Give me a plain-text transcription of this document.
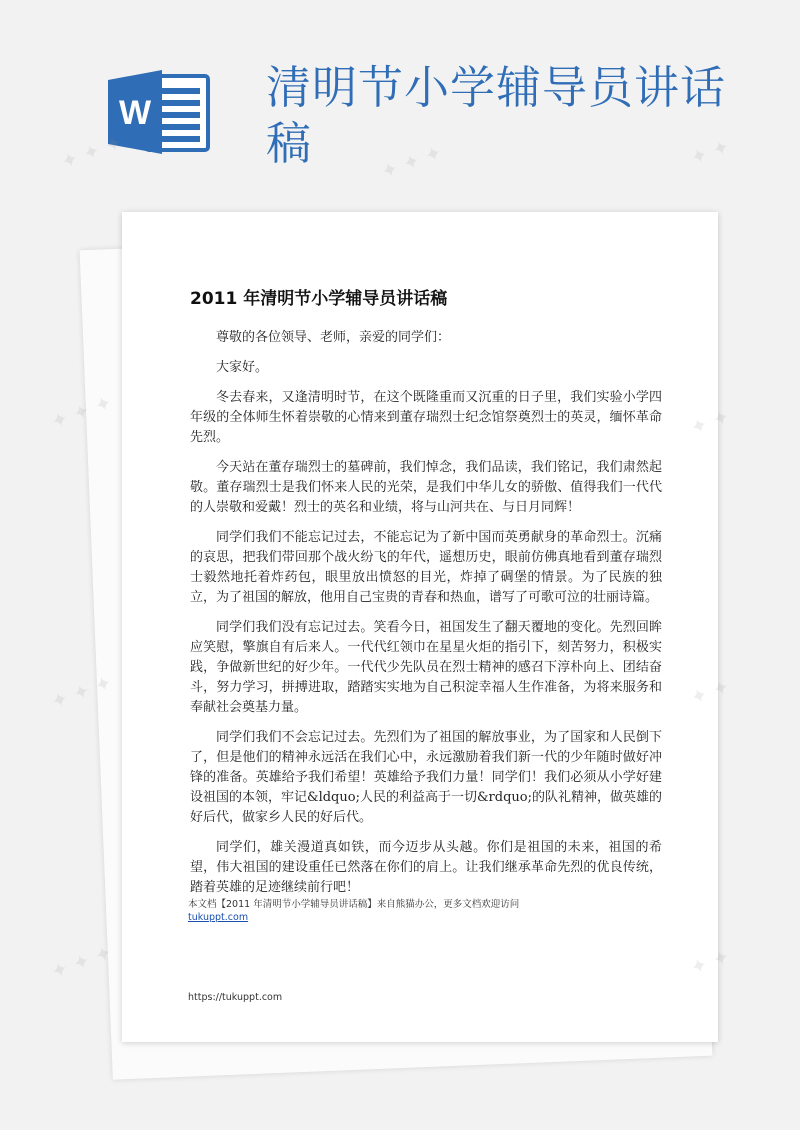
W	清明节小学辅导员讲话稿
2011 年清明节小学辅导员讲话稿

尊敬的各位领导、老师，亲爱的同学们：

大家好。

冬去春来，又逢清明时节，在这个既隆重而又沉重的日子里，我们实验小学四年级的全体师生怀着崇敬的心情来到董存瑞烈士纪念馆祭奠烈士的英灵，缅怀革命先烈。

今天站在董存瑞烈士的墓碑前，我们悼念，我们品读，我们铭记，我们肃然起敬。董存瑞烈士是我们怀来人民的光荣，是我们中华儿女的骄傲、值得我们一代代的人崇敬和爱戴！烈士的英名和业绩，将与山河共在、与日月同辉！

同学们我们不能忘记过去，不能忘记为了新中国而英勇献身的革命烈士。沉痛的哀思，把我们带回那个战火纷飞的年代，遥想历史，眼前仿佛真地看到董存瑞烈士毅然地托着炸药包，眼里放出愤怒的目光，炸掉了碉堡的情景。为了民族的独立，为了祖国的解放，他用自己宝贵的青春和热血，谱写了可歌可泣的壮丽诗篇。

同学们我们没有忘记过去。笑看今日，祖国发生了翻天覆地的变化。先烈回眸应笑慰，擎旗自有后来人。一代代红领巾在星星火炬的指引下，刻苦努力，积极实践，争做新世纪的好少年。一代代少先队员在烈士精神的感召下淳朴向上、团结奋斗，努力学习，拼搏进取，踏踏实实地为自己积淀幸福人生作准备，为将来服务和奉献社会奠基力量。

同学们我们不会忘记过去。先烈们为了祖国的解放事业，为了国家和人民倒下了，但是他们的精神永远活在我们心中，永远激励着我们新一代的少年随时做好冲锋的准备。英雄给予我们希望！英雄给予我们力量！同学们！我们必须从小学好建设祖国的本领，牢记&ldquo;人民的利益高于一切&rdquo;的队礼精神，做英雄的好后代，做家乡人民的好后代。

同学们，雄关漫道真如铁，而今迈步从头越。你们是祖国的未来，祖国的希望，伟大祖国的建设重任已然落在你们的肩上。让我们继承革命先烈的优良传统，踏着英雄的足迹继续前行吧！

本文档【2011 年清明节小学辅导员讲话稿】来自熊猫办公，更多文档欢迎访问
tukuppt.com
https://tukuppt.com
✦ ✦ ✦	✦ ✦ ✦	✦ ✦
✦ ✦ ✦	✦
✦ ✦ ✦	✦
✦ ✦ ✦	✦
